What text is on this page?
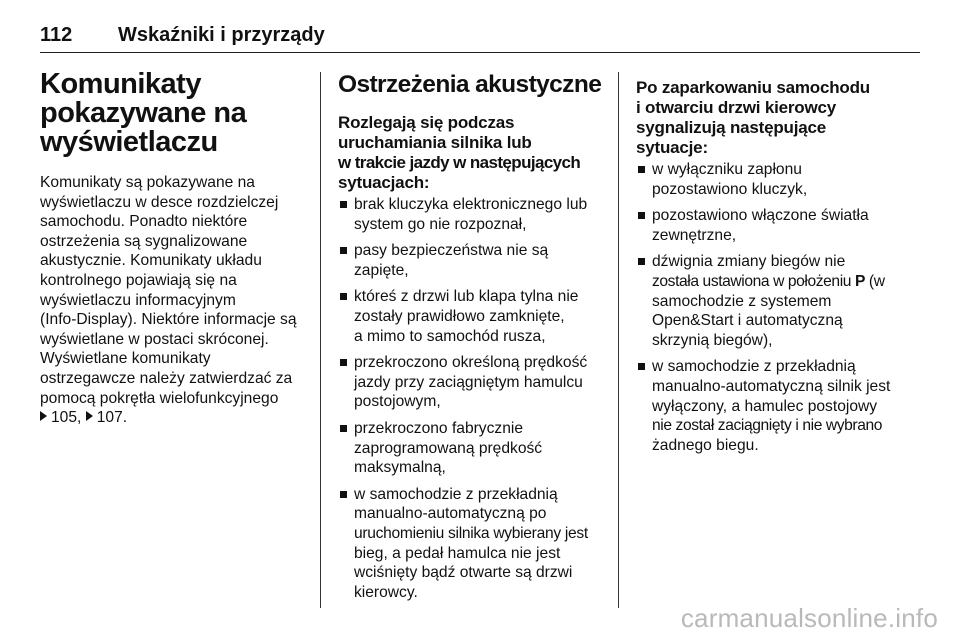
112	Wskaźniki i przyrządy
Komunikaty
pokazywane na
wyświetlaczu

Komunikaty są pokazywane na
wyświetlaczu w desce rozdzielczej
samochodu. Ponadto niektóre
ostrzeżenia są sygnalizowane
akustycznie. Komunikaty układu
kontrolnego pojawiają się na
wyświetlaczu informacyjnym
(Info-Display). Niektóre informacje są
wyświetlane w postaci skróconej.
Wyświetlane komunikaty
ostrzegawcze należy zatwierdzać za
pomocą pokrętła wielofunkcyjnego
105, 107.

Ostrzeżenia akustyczne
Rozlegają się podczas
uruchamiania silnika lub
w trakcie jazdy w następujących
sytuacjach:
brak kluczyka elektronicznego lub
system go nie rozpoznał,
pasy bezpieczeństwa nie są
zapięte,
któreś z drzwi lub klapa tylna nie
zostały prawidłowo zamknięte,
a mimo to samochód rusza,
przekroczono określoną prędkość
jazdy przy zaciągniętym hamulcu
postojowym,
przekroczono fabrycznie
zaprogramowaną prędkość
maksymalną,
w samochodzie z przekładnią
manualno-automatyczną po
uruchomieniu silnika wybierany jest
bieg, a pedał hamulca nie jest
wciśnięty bądź otwarte są drzwi
kierowcy.
Po zaparkowaniu samochodu
i otwarciu drzwi kierowcy
sygnalizują następujące
sytuacje:
w wyłączniku zapłonu
pozostawiono kluczyk,
pozostawiono włączone światła
zewnętrzne,
dźwignia zmiany biegów nie
została ustawiona w położeniu P (w
samochodzie z systemem
Open&Start i automatyczną
skrzynią biegów),
w samochodzie z przekładnią
manualno-automatyczną silnik jest
wyłączony, a hamulec postojowy
nie został zaciągnięty i nie wybrano
żadnego biegu.
carmanualsonline.info
